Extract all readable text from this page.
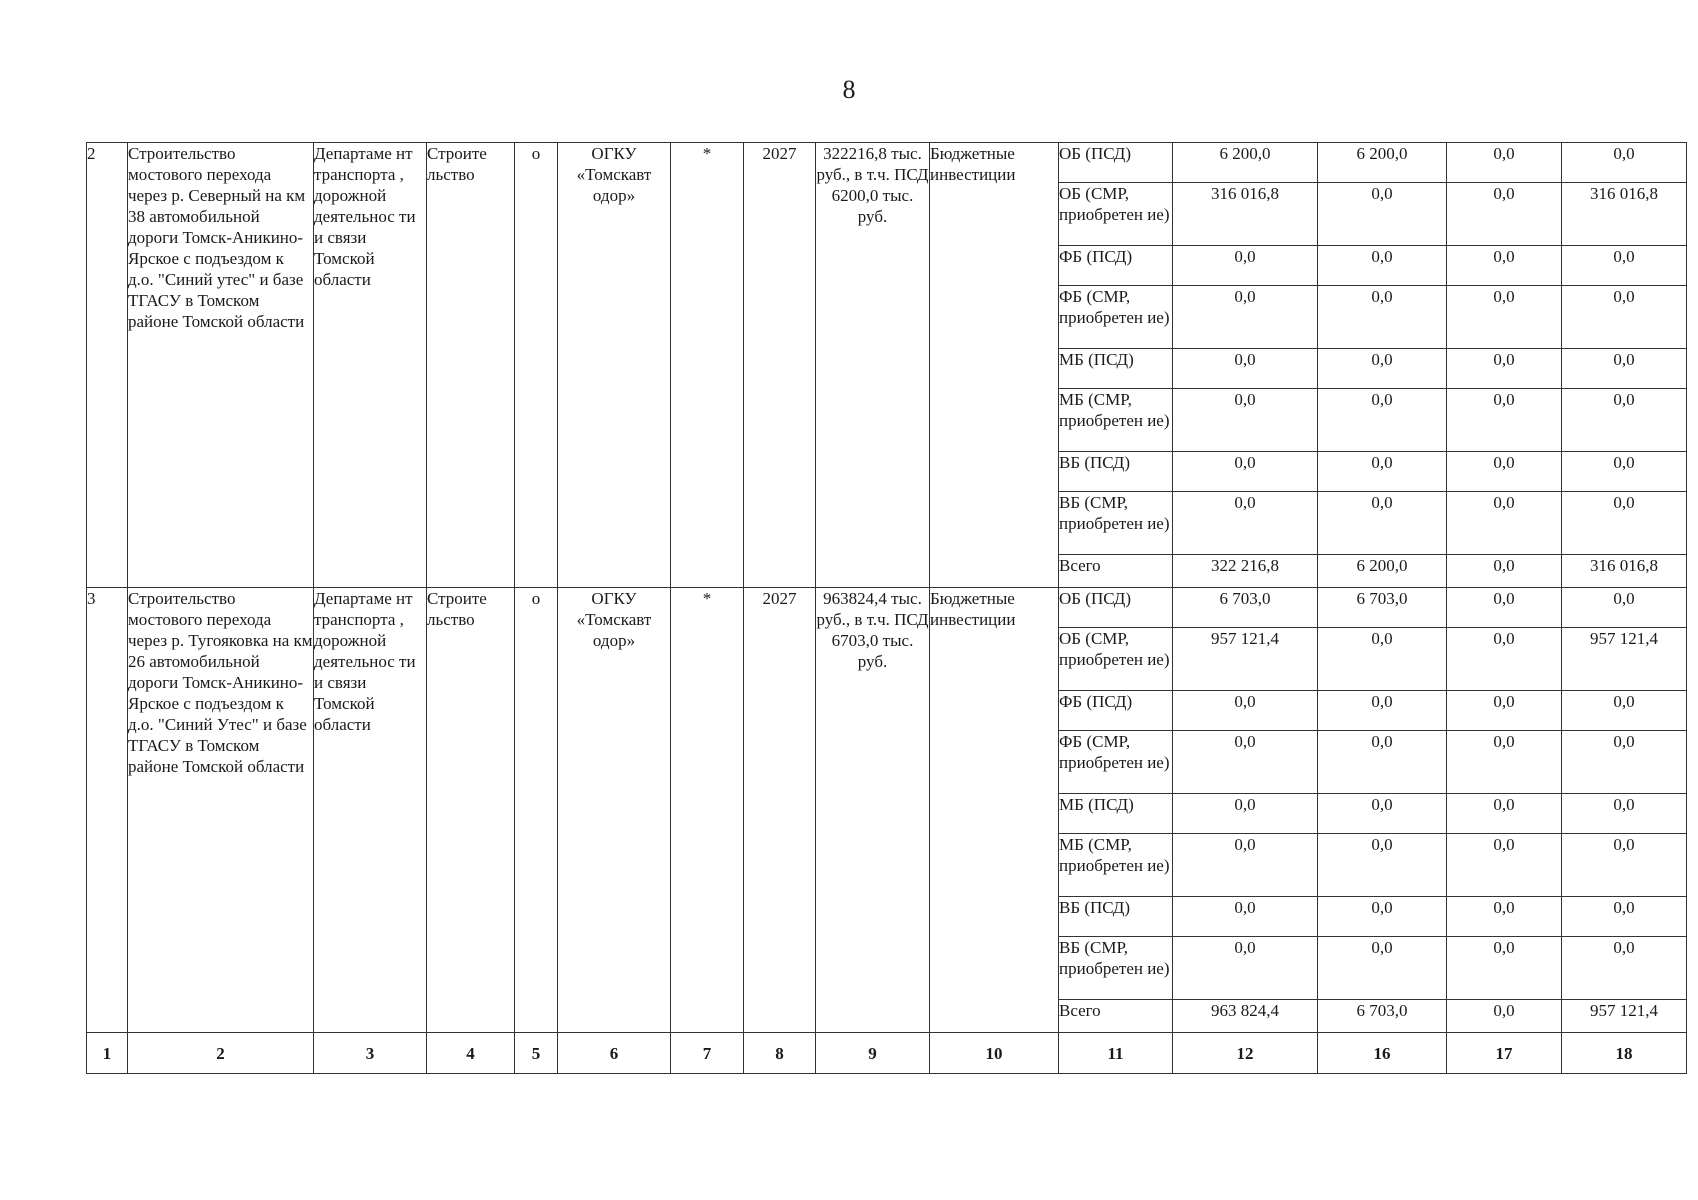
8
2	Строительство мостового перехода через р. Северный на км 38 автомобильной дороги Томск-Аникино-Ярское с подъездом к д.о. "Синий утес" и базе ТГАСУ в Томском районе Томской области	Департаме нт транспорта , дорожной деятельнос ти и связи Томской области	Строите льство	о	ОГКУ «Томскавт одор»	*	2027	322216,8 тыс. руб., в т.ч. ПСД 6200,0 тыс. руб.	Бюджетные инвестиции	ОБ (ПСД)	6 200,0	6 200,0	0,0	0,0
										ОБ (СМР, приобретен ие)	316 016,8	0,0	0,0	316 016,8
										ФБ (ПСД)	0,0	0,0	0,0	0,0
										ФБ (СМР, приобретен ие)	0,0	0,0	0,0	0,0
										МБ (ПСД)	0,0	0,0	0,0	0,0
										МБ (СМР, приобретен ие)	0,0	0,0	0,0	0,0
										ВБ (ПСД)	0,0	0,0	0,0	0,0
										ВБ (СМР, приобретен ие)	0,0	0,0	0,0	0,0
										Всего	322 216,8	6 200,0	0,0	316 016,8
3	Строительство мостового перехода через р. Тугояковка на км 26 автомобильной дороги Томск-Аникино-Ярское с подъездом к д.о. "Синий Утес" и базе ТГАСУ в Томском районе Томской области	Департаме нт транспорта , дорожной деятельнос ти и связи Томской области	Строите льство	о	ОГКУ «Томскавт одор»	*	2027	963824,4 тыс. руб., в т.ч. ПСД 6703,0 тыс. руб.	Бюджетные инвестиции	ОБ (ПСД)	6 703,0	6 703,0	0,0	0,0
										ОБ (СМР, приобретен ие)	957 121,4	0,0	0,0	957 121,4
										ФБ (ПСД)	0,0	0,0	0,0	0,0
										ФБ (СМР, приобретен ие)	0,0	0,0	0,0	0,0
										МБ (ПСД)	0,0	0,0	0,0	0,0
										МБ (СМР, приобретен ие)	0,0	0,0	0,0	0,0
										ВБ (ПСД)	0,0	0,0	0,0	0,0
										ВБ (СМР, приобретен ие)	0,0	0,0	0,0	0,0
										Всего	963 824,4	6 703,0	0,0	957 121,4
1	2	3	4	5	6	7	8	9	10	11	12	16	17	18
